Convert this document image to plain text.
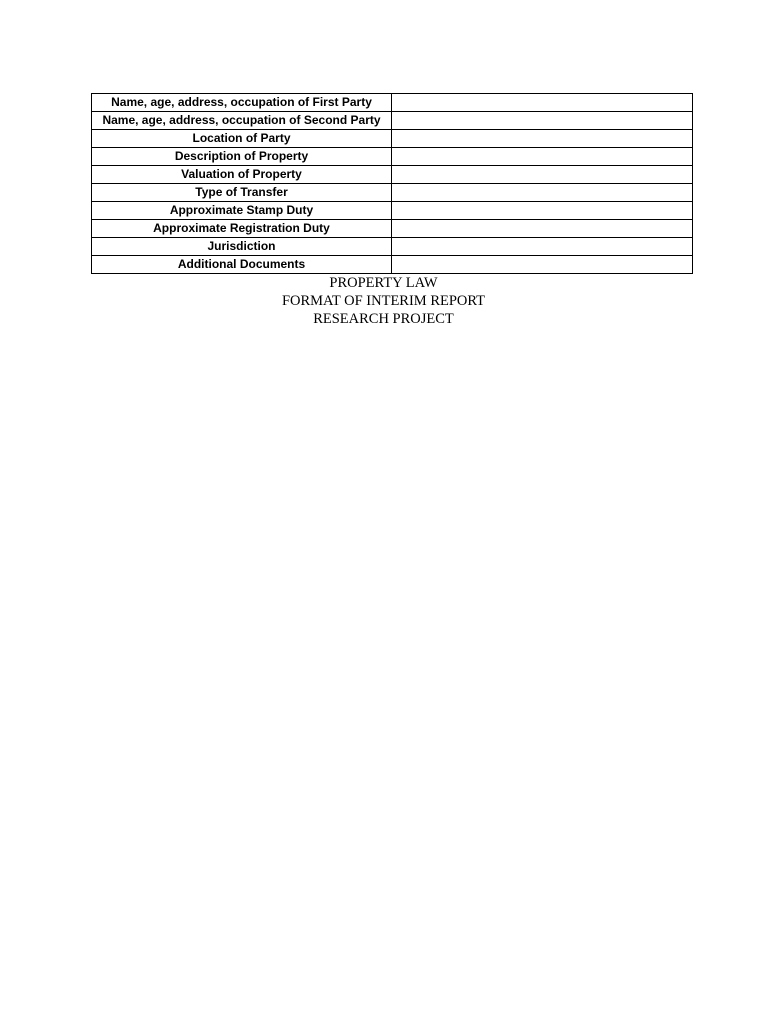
Name, age, address, occupation of First Party	
Name, age, address, occupation of Second Party	
Location of Party	
Description of Property	
Valuation of Property	
Type of Transfer	
Approximate Stamp Duty	
Approximate Registration Duty	
Jurisdiction	
Additional Documents	
PROPERTY LAW
FORMAT OF INTERIM REPORT
RESEARCH PROJECT
